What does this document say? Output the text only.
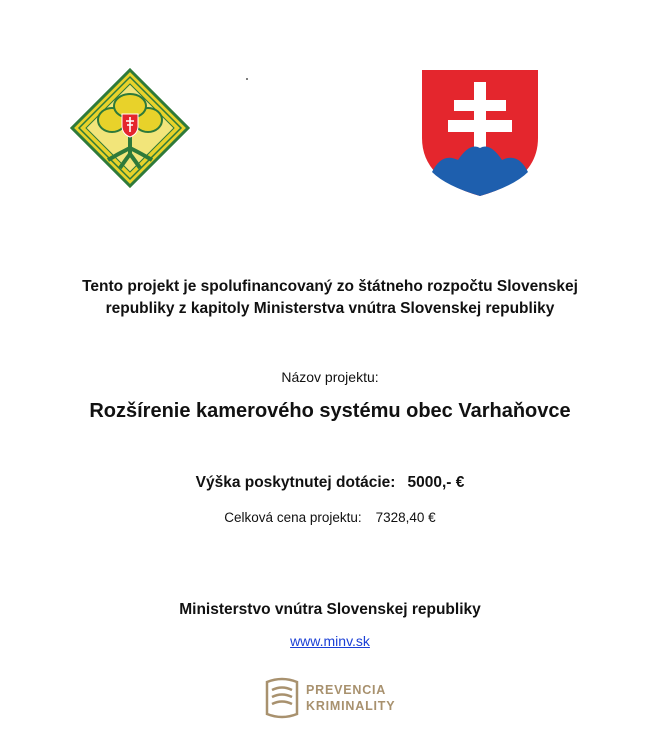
Tento projekt je spolufinancovaný zo štátneho rozpočtu Slovenskej
republiky z kapitoly Ministerstva vnútra Slovenskej republiky
Názov projektu:
Rozšírenie kamerového systému obec Varhaňovce
Výška poskytnutej dotácie: 5000,- €
Celková cena projektu: 7328,40 €
Ministerstvo vnútra Slovenskej republiky
www.minv.sk
PREVENCIA
KRIMINALITY
